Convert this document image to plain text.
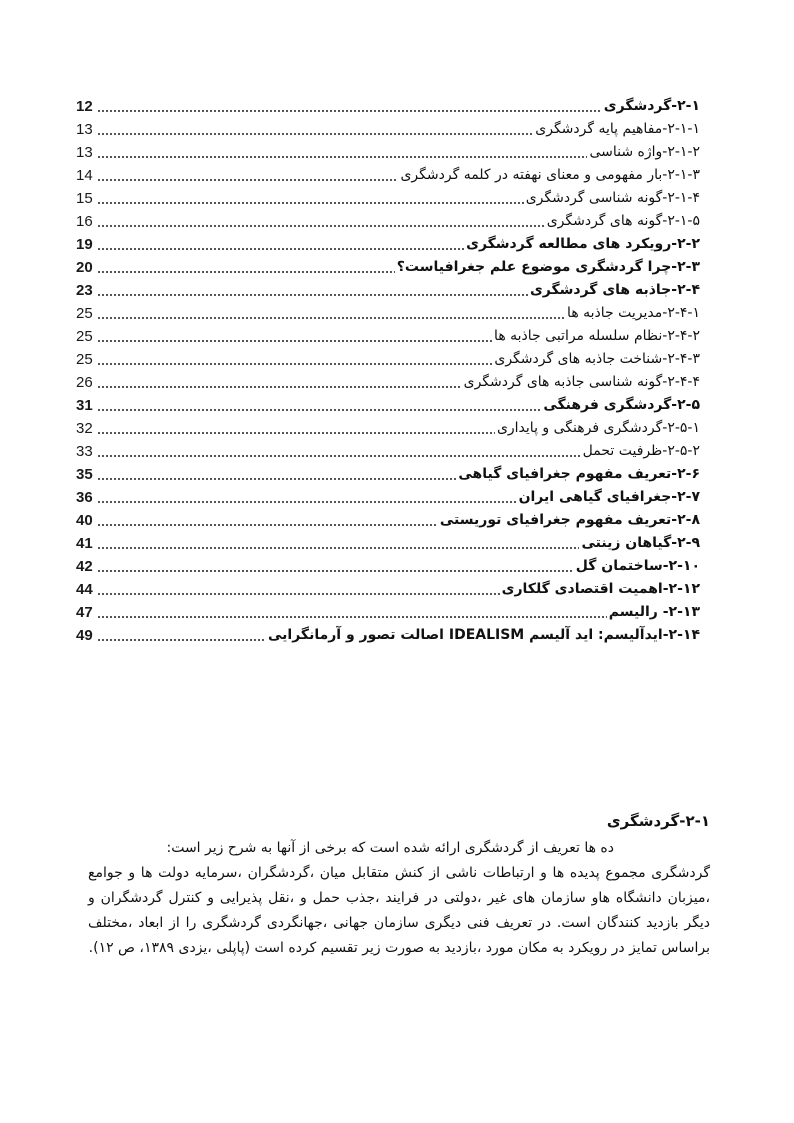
12	۲-۱-گردشگری
13	۲-۱-۱-مفاهیم پایه گردشگری
13	۲-۱-۲-واژه شناسی
14	۲-۱-۳-بار مفهومی و معنای نهفته در کلمه گردشگری
15	۲-۱-۴-گونه شناسی گردشگری
16	۲-۱-۵-گونه های گردشگری
19	۲-۲-رویکرد های مطالعه گردشگری
20	۲-۳-چرا گردشگری موضوع علم جغرافیاست؟
23	۲-۴-جاذبه های گردشگری
25	۲-۴-۱-مدیریت جاذبه ها
25	۲-۴-۲-نظام سلسله مراتبی جاذبه ها
25	۲-۴-۳-شناخت جاذبه های گردشگری
26	۲-۴-۴-گونه شناسی جاذبه های گردشگری
31	۲-۵-گردشگری فرهنگی
32	۲-۵-۱-گردشگری فرهنگی و پایداری
33	۲-۵-۲-ظرفیت تحمل
35	۲-۶-تعریف مفهوم جغرافیای گیاهی
36	۲-۷-جغرافیای گیاهی ایران
40	۲-۸-تعریف مفهوم جغرافیای توریستی
41	۲-۹-گیاهان زینتی
42	۲-۱۰-ساختمان گل
44	۲-۱۲-اهمیت اقتصادی گلکاری
47	۲-۱۳- رالیسم
49	۲-۱۴-ایدآلیسم: اید آلیسم IDEALISM اصالت تصور و آرمانگرایی
۲-۱-گردشگری

ده ها تعریف از گردشگری ارائه شده است که برخی از آنها به شرح زیر است:
گردشگری مجموع پدیده ها و ارتباطات ناشی از کنش متقابل میان ،گردشگران ،سرمایه دولت ها و جوامع ،میزبان دانشگاه هاو سازمان های غیر ،دولتی در فرایند ،جذب حمل و ،نقل پذیرایی و کنترل گردشگران و دیگر بازدید کنندگان است. در تعریف فنی دیگری سازمان جهانی ،جهانگردی گردشگری را از ابعاد ،مختلف براساس تمایز در رویکرد به مکان مورد ،بازدید به صورت زیر تقسیم کرده است (پاپلی ،یزدی ۱۳۸۹، ص ۱۲).
